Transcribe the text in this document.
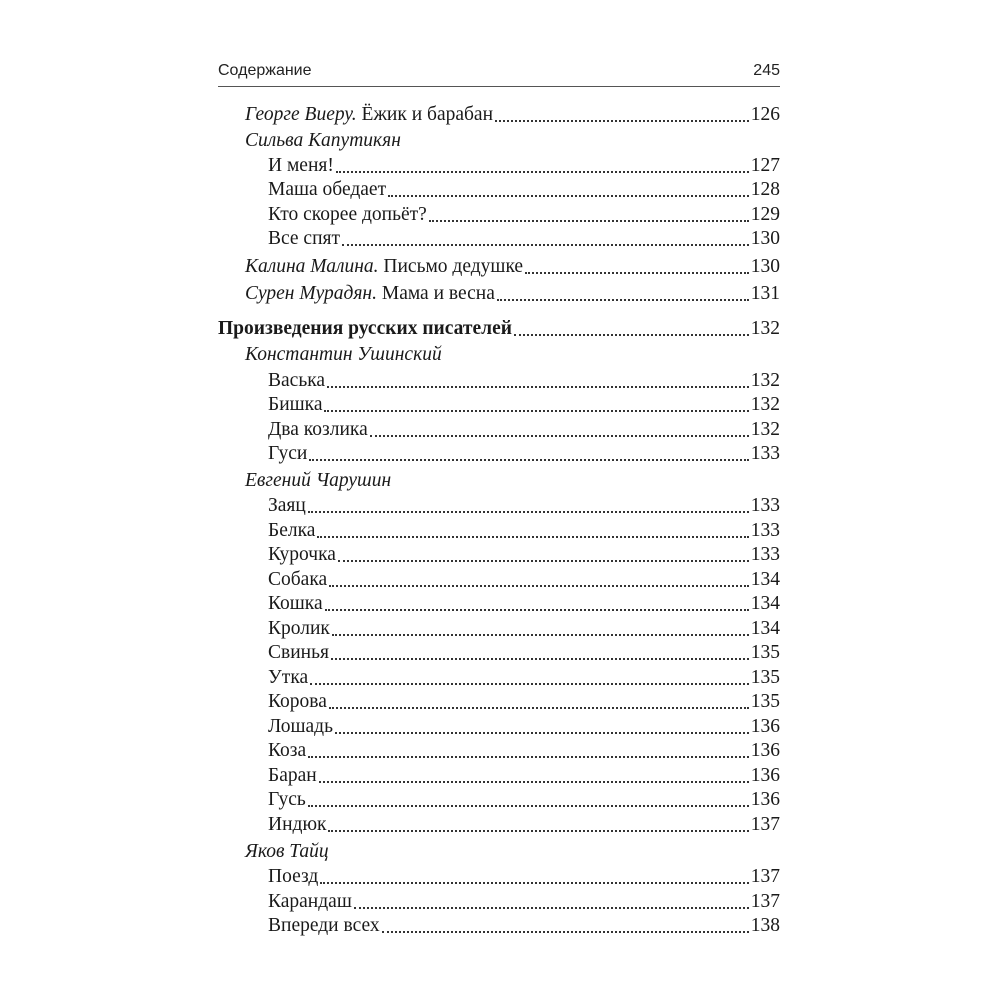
Содержание	245
Георге Виеру. Ёжик и барабан	126
Сильва Капутикян
И меня!	127
Маша обедает	128
Кто скорее допьёт?	129
Все спят	130
Калина Малина. Письмо дедушке	130
Сурен Мурадян. Мама и весна	131
Произведения русских писателей	132
Константин Ушинский
Васька	132
Бишка	132
Два козлика	132
Гуси	133
Евгений Чарушин
Заяц	133
Белка	133
Курочка	133
Собака	134
Кошка	134
Кролик	134
Свинья	135
Утка	135
Корова	135
Лошадь	136
Коза	136
Баран	136
Гусь	136
Индюк	137
Яков Тайц
Поезд	137
Карандаш	137
Впереди всех	138
